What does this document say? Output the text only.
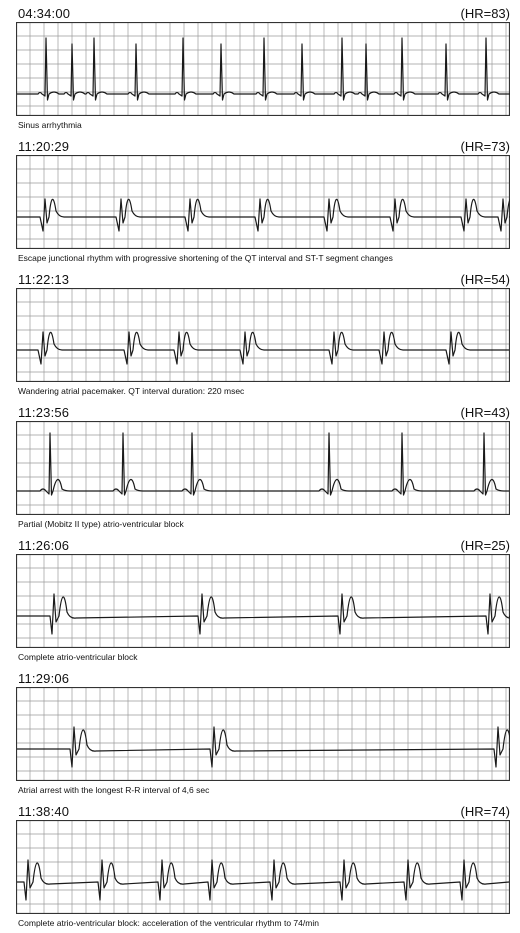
04:34:00	(HR=83)
Sinus arrhythmia
11:20:29	(HR=73)
Escape junctional rhythm with progressive shortening of the QT interval and ST-T segment changes
11:22:13	(HR=54)
Wandering atrial pacemaker. QT interval duration: 220 msec
11:23:56	(HR=43)
Partial (Mobitz II type) atrio-ventricular block
11:26:06	(HR=25)
Complete atrio-ventricular block
11:29:06
Atrial arrest with the longest R-R interval of 4,6 sec
11:38:40	(HR=74)
Complete atrio-ventricular block: acceleration of the ventricular rhythm to 74/min
